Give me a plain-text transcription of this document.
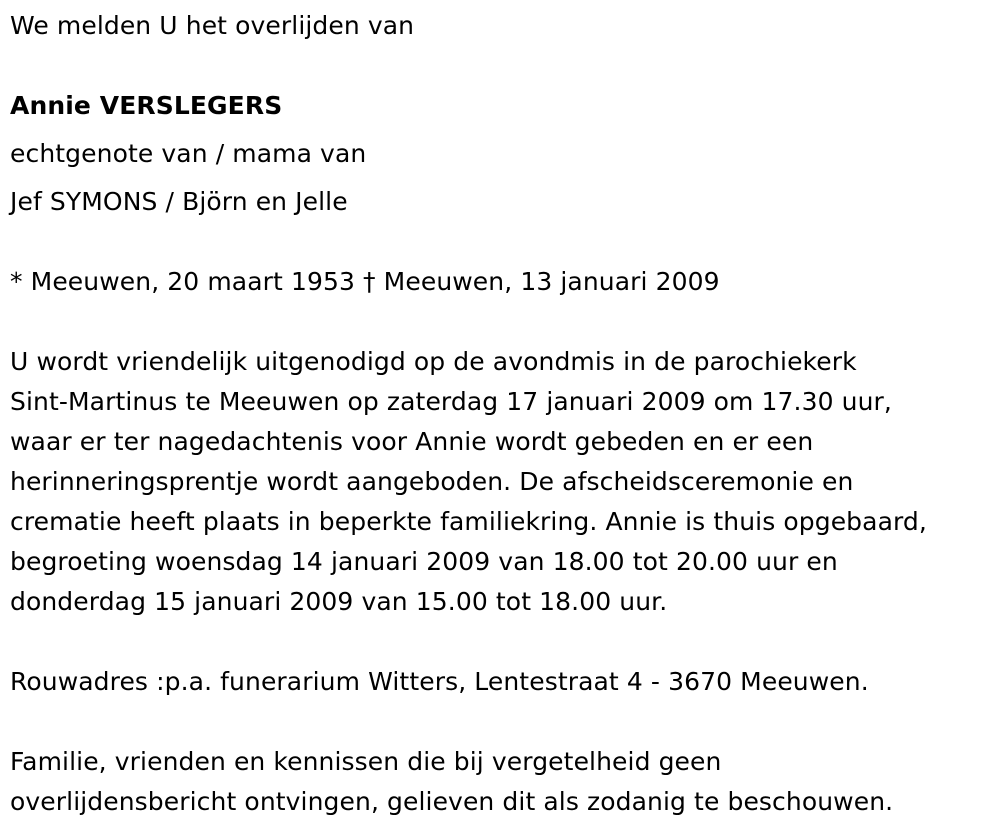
We melden U het overlijden van
Annie VERSLEGERS
echtgenote van / mama van
Jef SYMONS / Björn en Jelle
* Meeuwen, 20 maart 1953 † Meeuwen, 13 januari 2009
U wordt vriendelijk uitgenodigd op de avondmis in de parochiekerk
Sint-Martinus te Meeuwen op zaterdag 17 januari 2009 om 17.30 uur,
waar er ter nagedachtenis voor Annie wordt gebeden en er een
herinneringsprentje wordt aangeboden. De afscheidsceremonie en
crematie heeft plaats in beperkte familiekring. Annie is thuis opgebaard,
begroeting woensdag 14 januari 2009 van 18.00 tot 20.00 uur en
donderdag 15 januari 2009 van 15.00 tot 18.00 uur.
Rouwadres :p.a. funerarium Witters, Lentestraat 4 - 3670 Meeuwen.
Familie, vrienden en kennissen die bij vergetelheid geen
overlijdensbericht ontvingen, gelieven dit als zodanig te beschouwen.
